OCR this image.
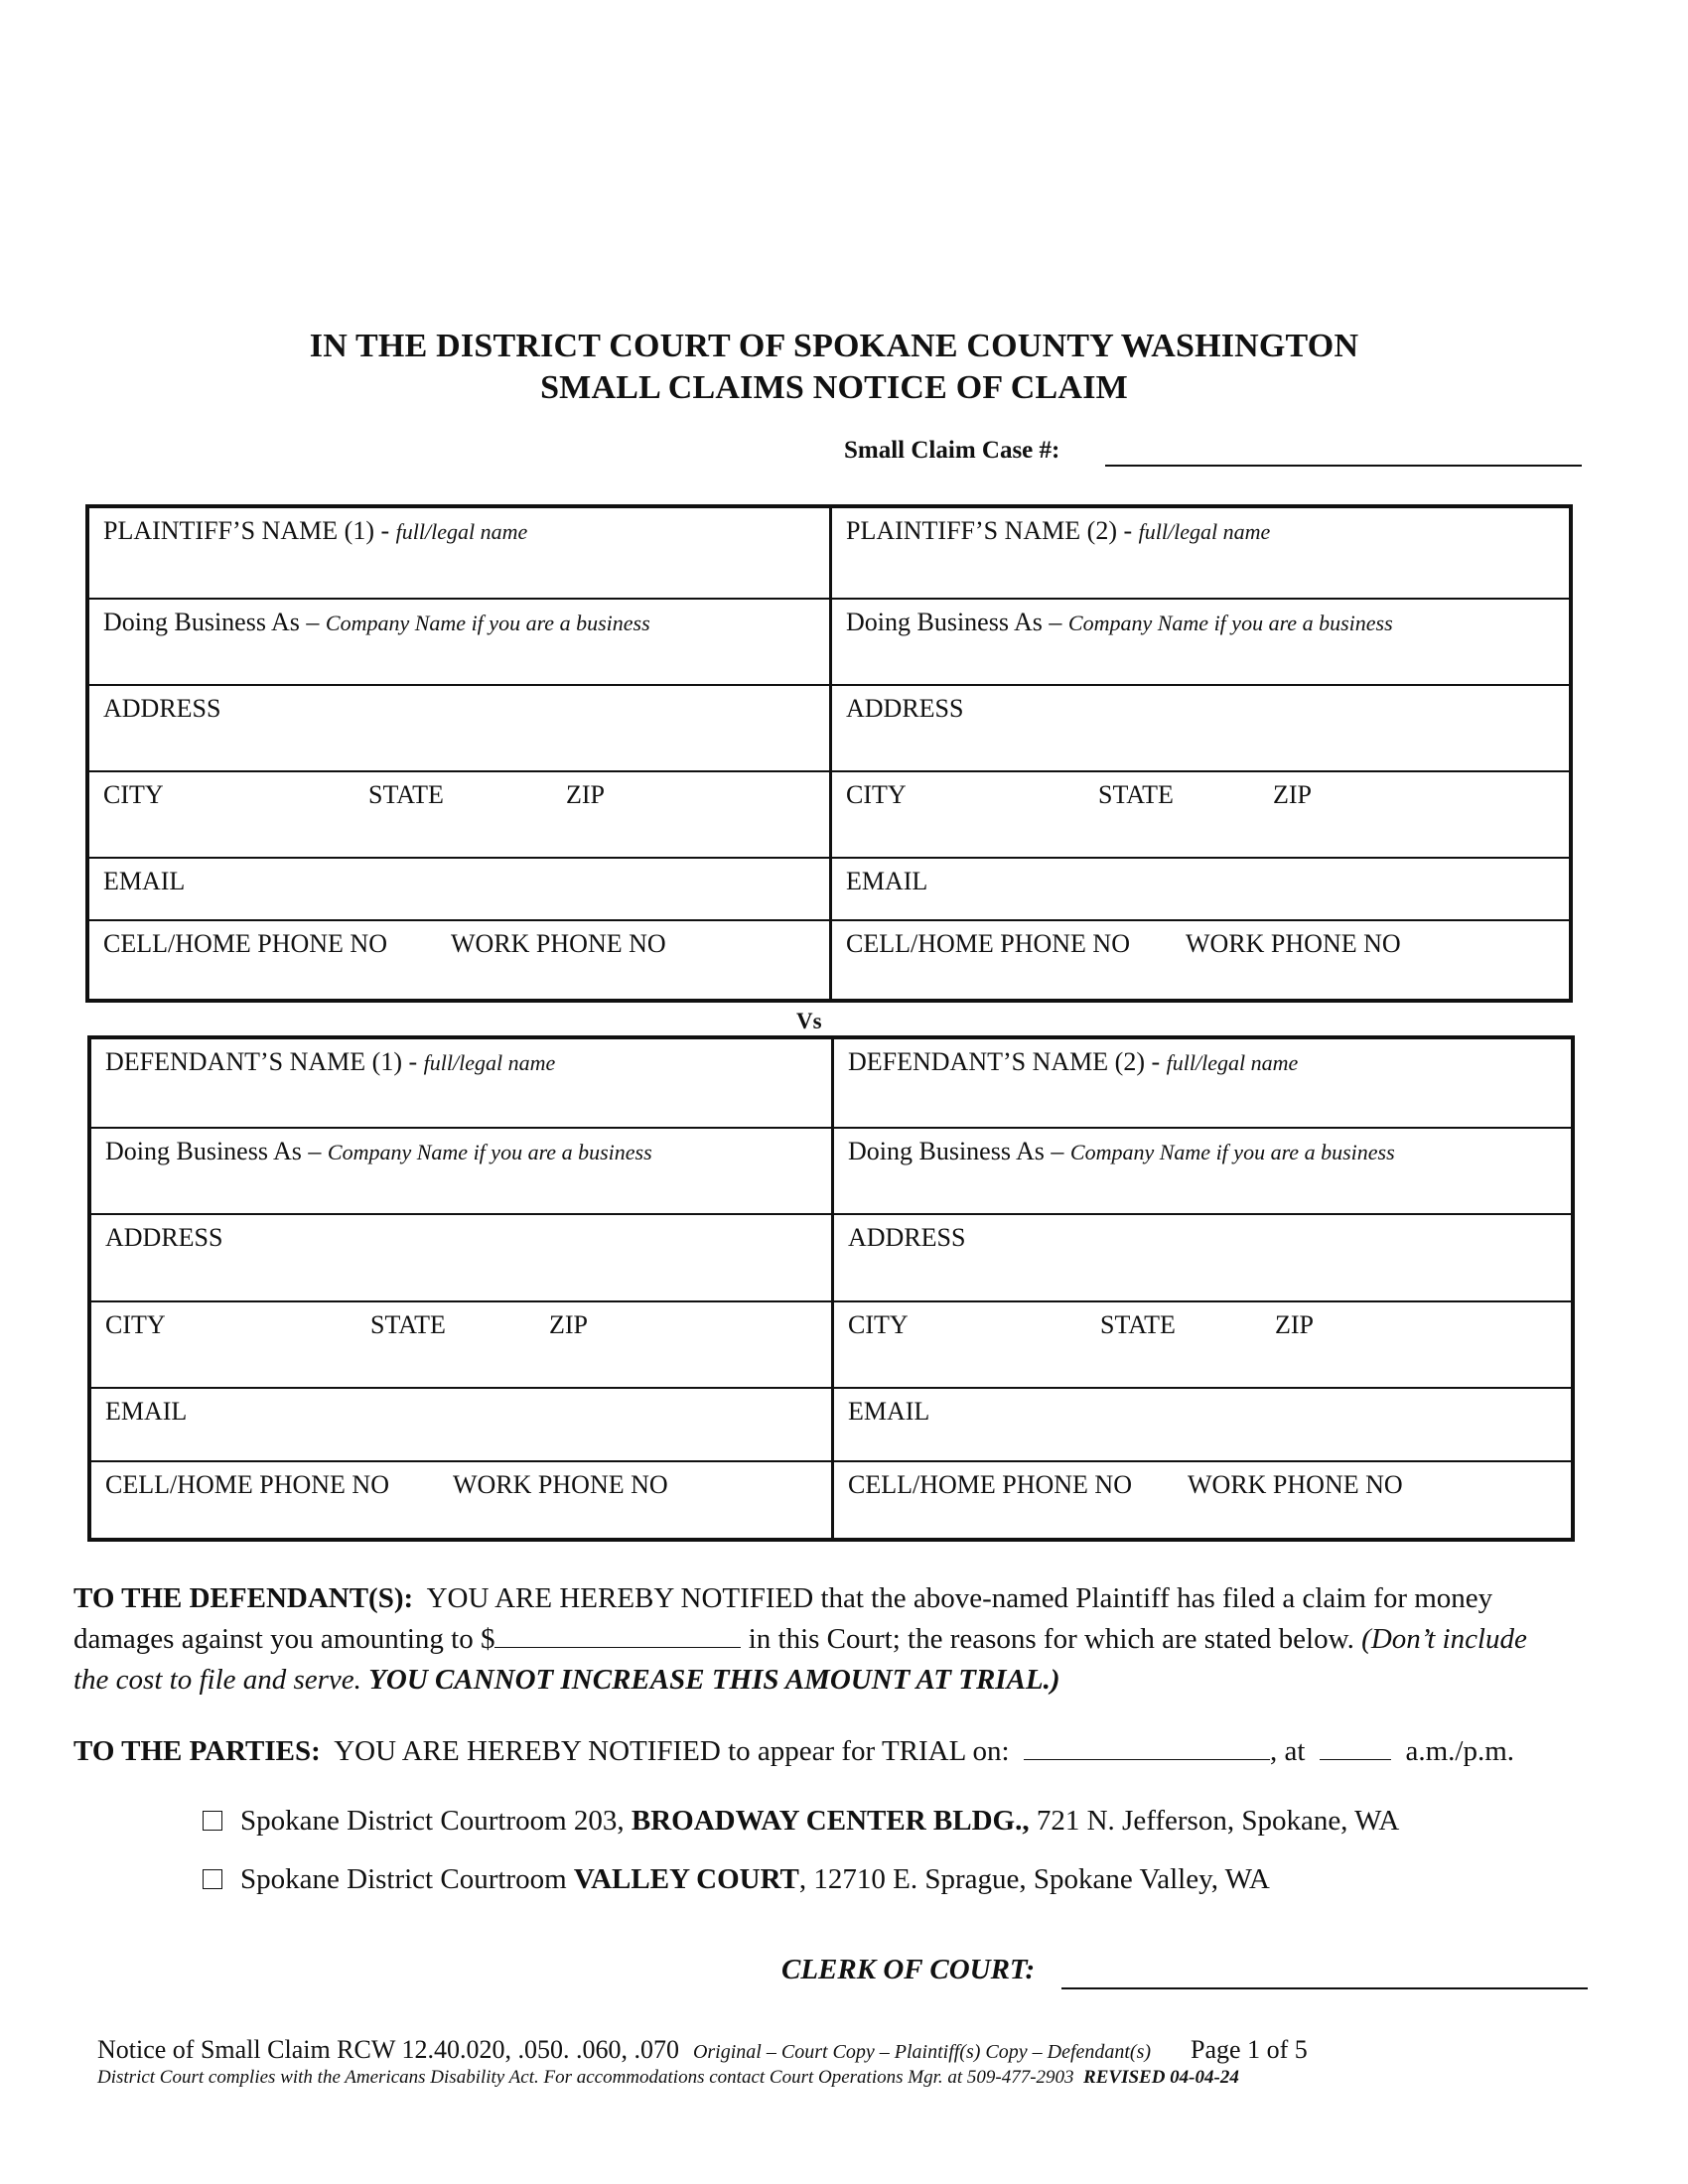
IN THE DISTRICT COURT OF SPOKANE COUNTY WASHINGTON
SMALL CLAIMS NOTICE OF CLAIM
Small Claim Case #:
PLAINTIFF’S NAME (1) - full/legal name
Doing Business As – Company Name if you are a business
ADDRESS
CITY	STATE	ZIP
EMAIL
CELL/HOME PHONE NO WORK PHONE NO
PLAINTIFF’S NAME (2) - full/legal name
Doing Business As – Company Name if you are a business
ADDRESS
CITY	STATE	ZIP
EMAIL
CELL/HOME PHONE NO WORK PHONE NO
Vs
DEFENDANT’S NAME (1) - full/legal name
Doing Business As – Company Name if you are a business
ADDRESS
CITY	STATE	ZIP
EMAIL
CELL/HOME PHONE NO WORK PHONE NO
DEFENDANT’S NAME (2) - full/legal name
Doing Business As – Company Name if you are a business
ADDRESS
CITY	STATE	ZIP
EMAIL
CELL/HOME PHONE NO WORK PHONE NO
TO THE DEFENDANT(S): YOU ARE HEREBY NOTIFIED that the above-named Plaintiff has filed a claim for money
damages against you amounting to $	in this Court; the reasons for which are stated below. (Don’t include
the cost to file and serve. YOU CANNOT INCREASE THIS AMOUNT AT TRIAL.)
TO THE PARTIES: YOU ARE HEREBY NOTIFIED to appear for TRIAL on:	, at	a.m./p.m.
Spokane District Courtroom 203, BROADWAY CENTER BLDG., 721 N. Jefferson, Spokane, WA
Spokane District Courtroom VALLEY COURT, 12710 E. Sprague, Spokane Valley, WA
CLERK OF COURT:
Notice of Small Claim RCW 12.40.020, .050. .060, .070 Original – Court Copy – Plaintiff(s) Copy – Defendant(s) Page 1 of 5
District Court complies with the Americans Disability Act. For accommodations contact Court Operations Mgr. at 509-477-2903 REVISED 04-04-24
